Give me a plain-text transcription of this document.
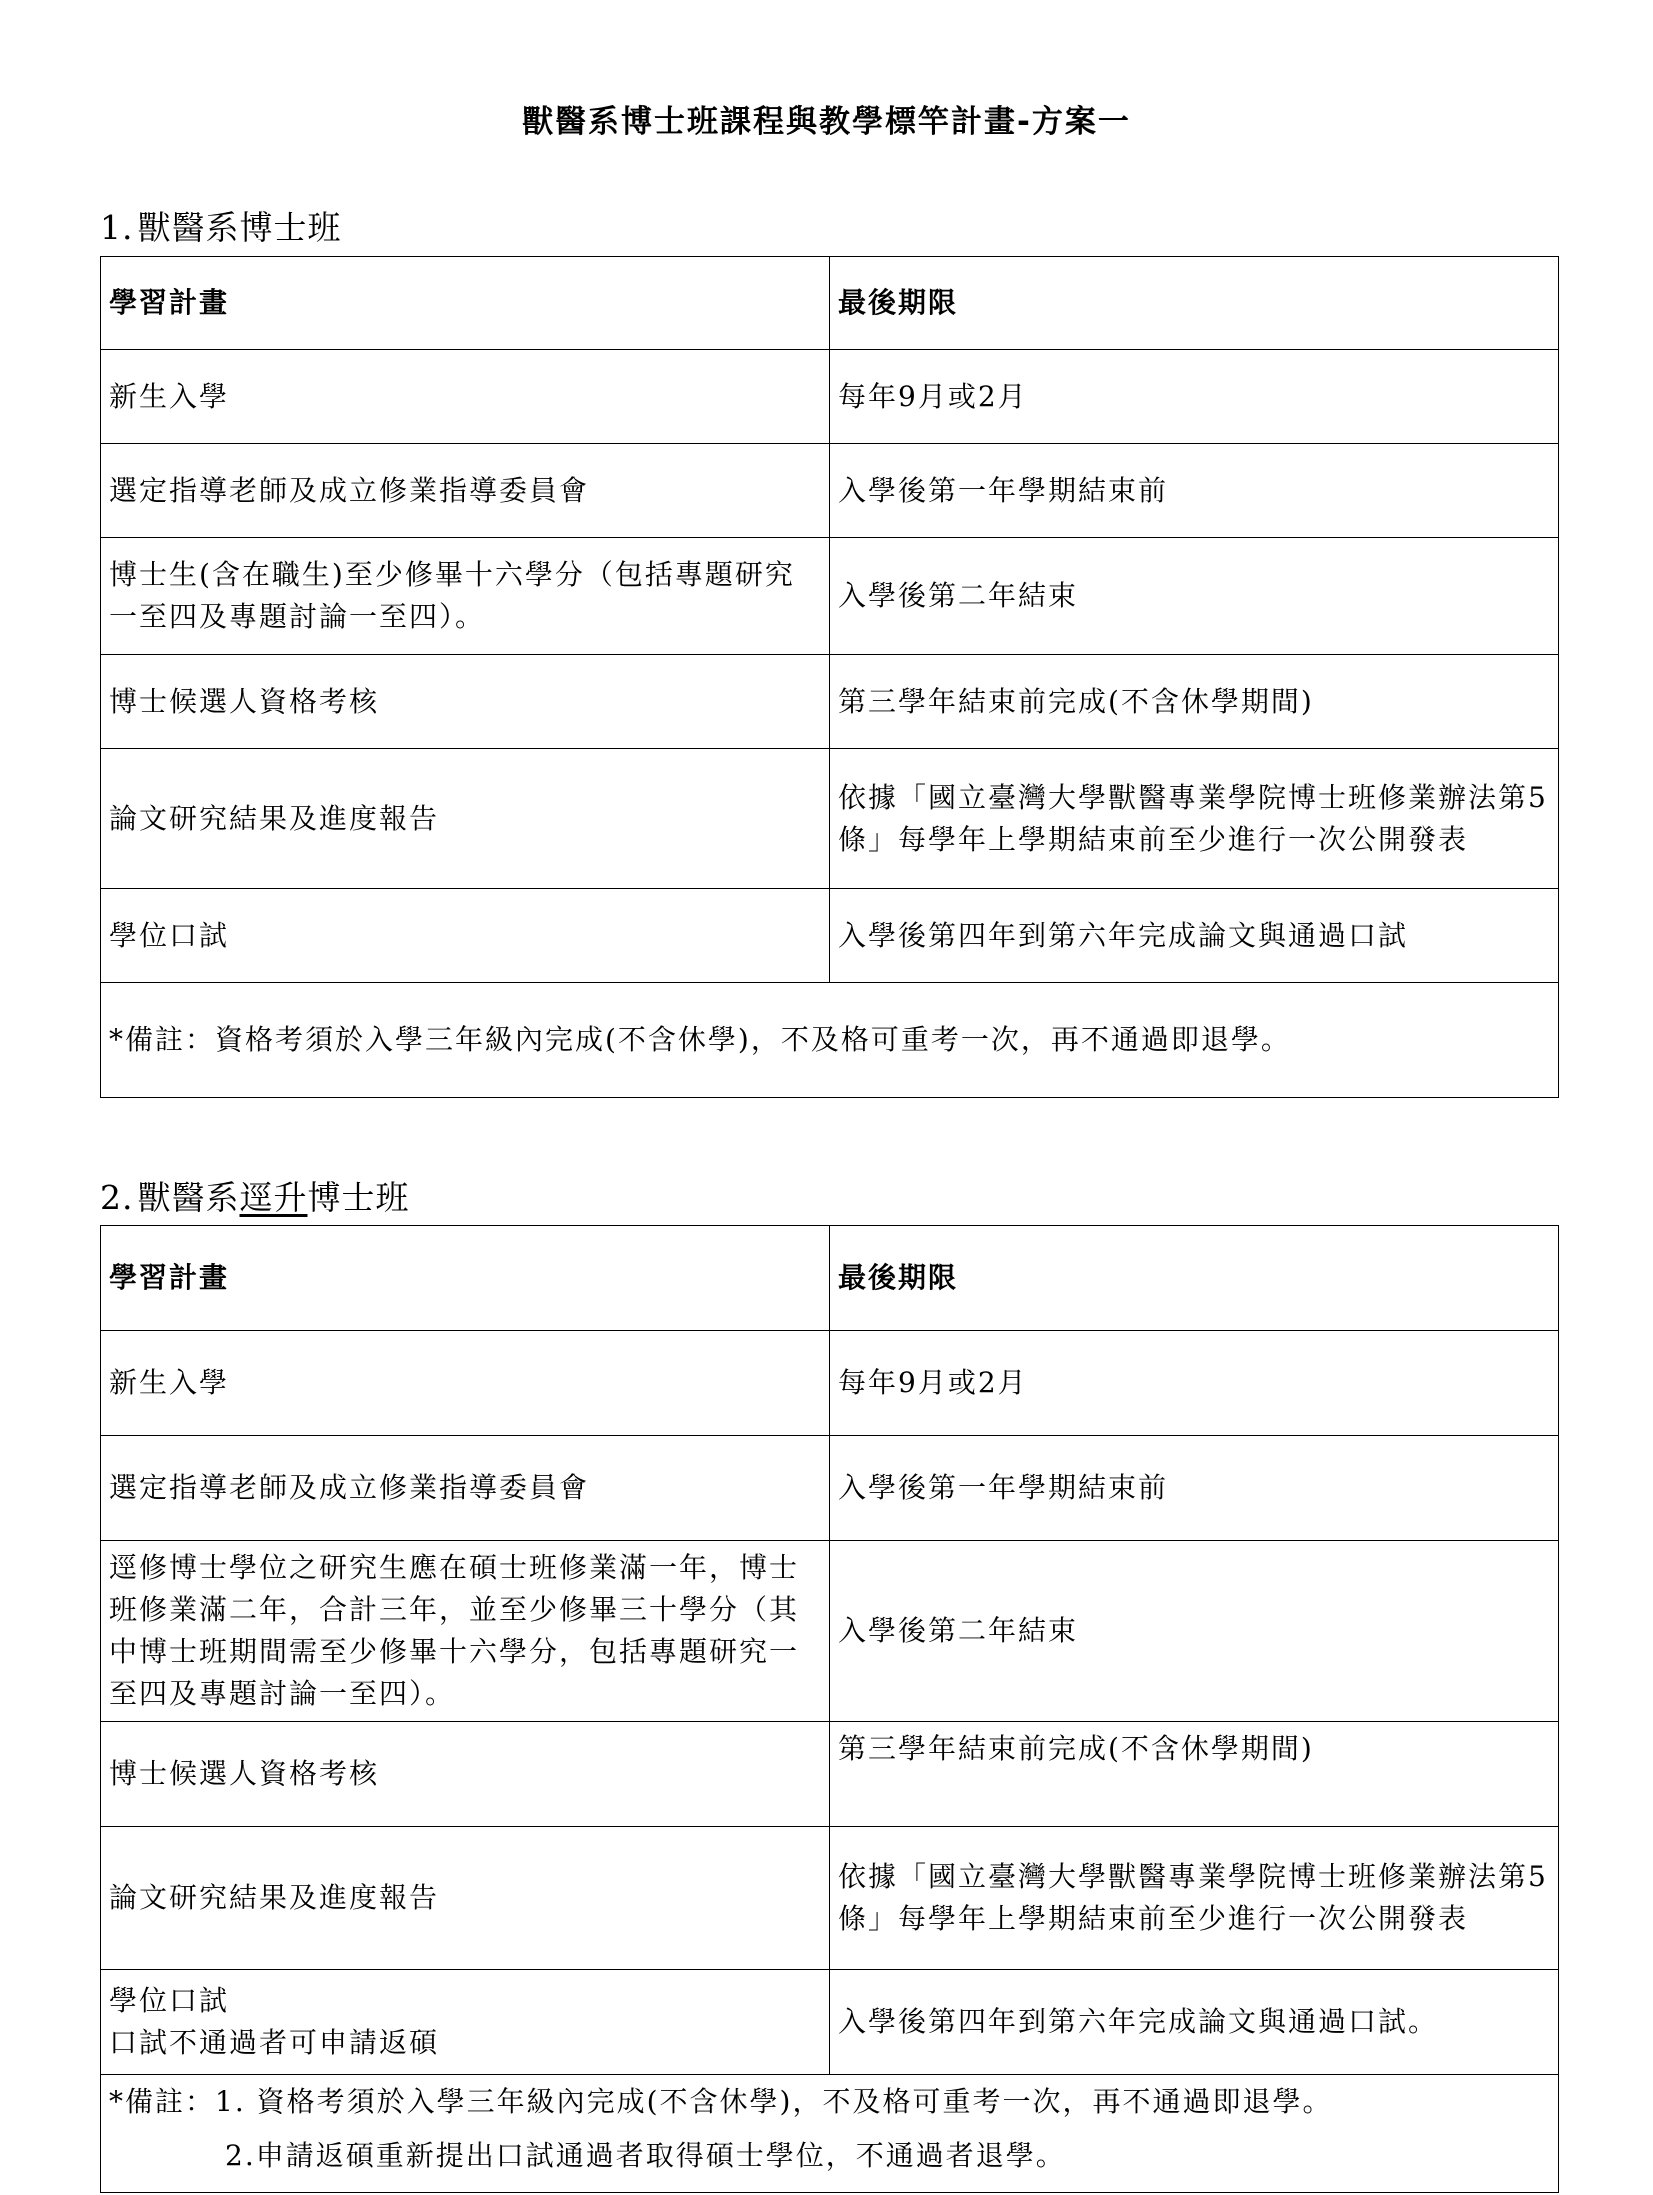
獸醫系博士班課程與教學標竿計畫-方案一
1. 獸醫系博士班
學習計畫	最後期限
新生入學	每年9月或2月
選定指導老師及成立修業指導委員會	入學後第一年學期結束前
博士生(含在職生)至少修畢十六學分（包括專題研究一至四及專題討論一至四）。	入學後第二年結束
博士候選人資格考核	第三學年結束前完成(不含休學期間)
論文研究結果及進度報告	依據「國立臺灣大學獸醫專業學院博士班修業辦法第5條」每學年上學期結束前至少進行一次公開發表
學位口試	入學後第四年到第六年完成論文與通過口試
*備註：資格考須於入學三年級內完成(不含休學)，不及格可重考一次，再不通過即退學。	
2. 獸醫系逕升博士班
學習計畫	最後期限
新生入學	每年9月或2月
選定指導老師及成立修業指導委員會	入學後第一年學期結束前
逕修博士學位之研究生應在碩士班修業滿一年，博士班修業滿二年，合計三年，並至少修畢三十學分（其中博士班期間需至少修畢十六學分，包括專題研究一至四及專題討論一至四）。	入學後第二年結束
博士候選人資格考核	第三學年結束前完成(不含休學期間)
論文研究結果及進度報告	依據「國立臺灣大學獸醫專業學院博士班修業辦法第5條」每學年上學期結束前至少進行一次公開發表

學位口試
口試不通過者可申請返碩	入學後第四年到第六年完成論文與通過口試。

*備註：1. 資格考須於入學三年級內完成(不含休學)，不及格可重考一次，再不通過即退學。
2.申請返碩重新提出口試通過者取得碩士學位，不通過者退學。	
